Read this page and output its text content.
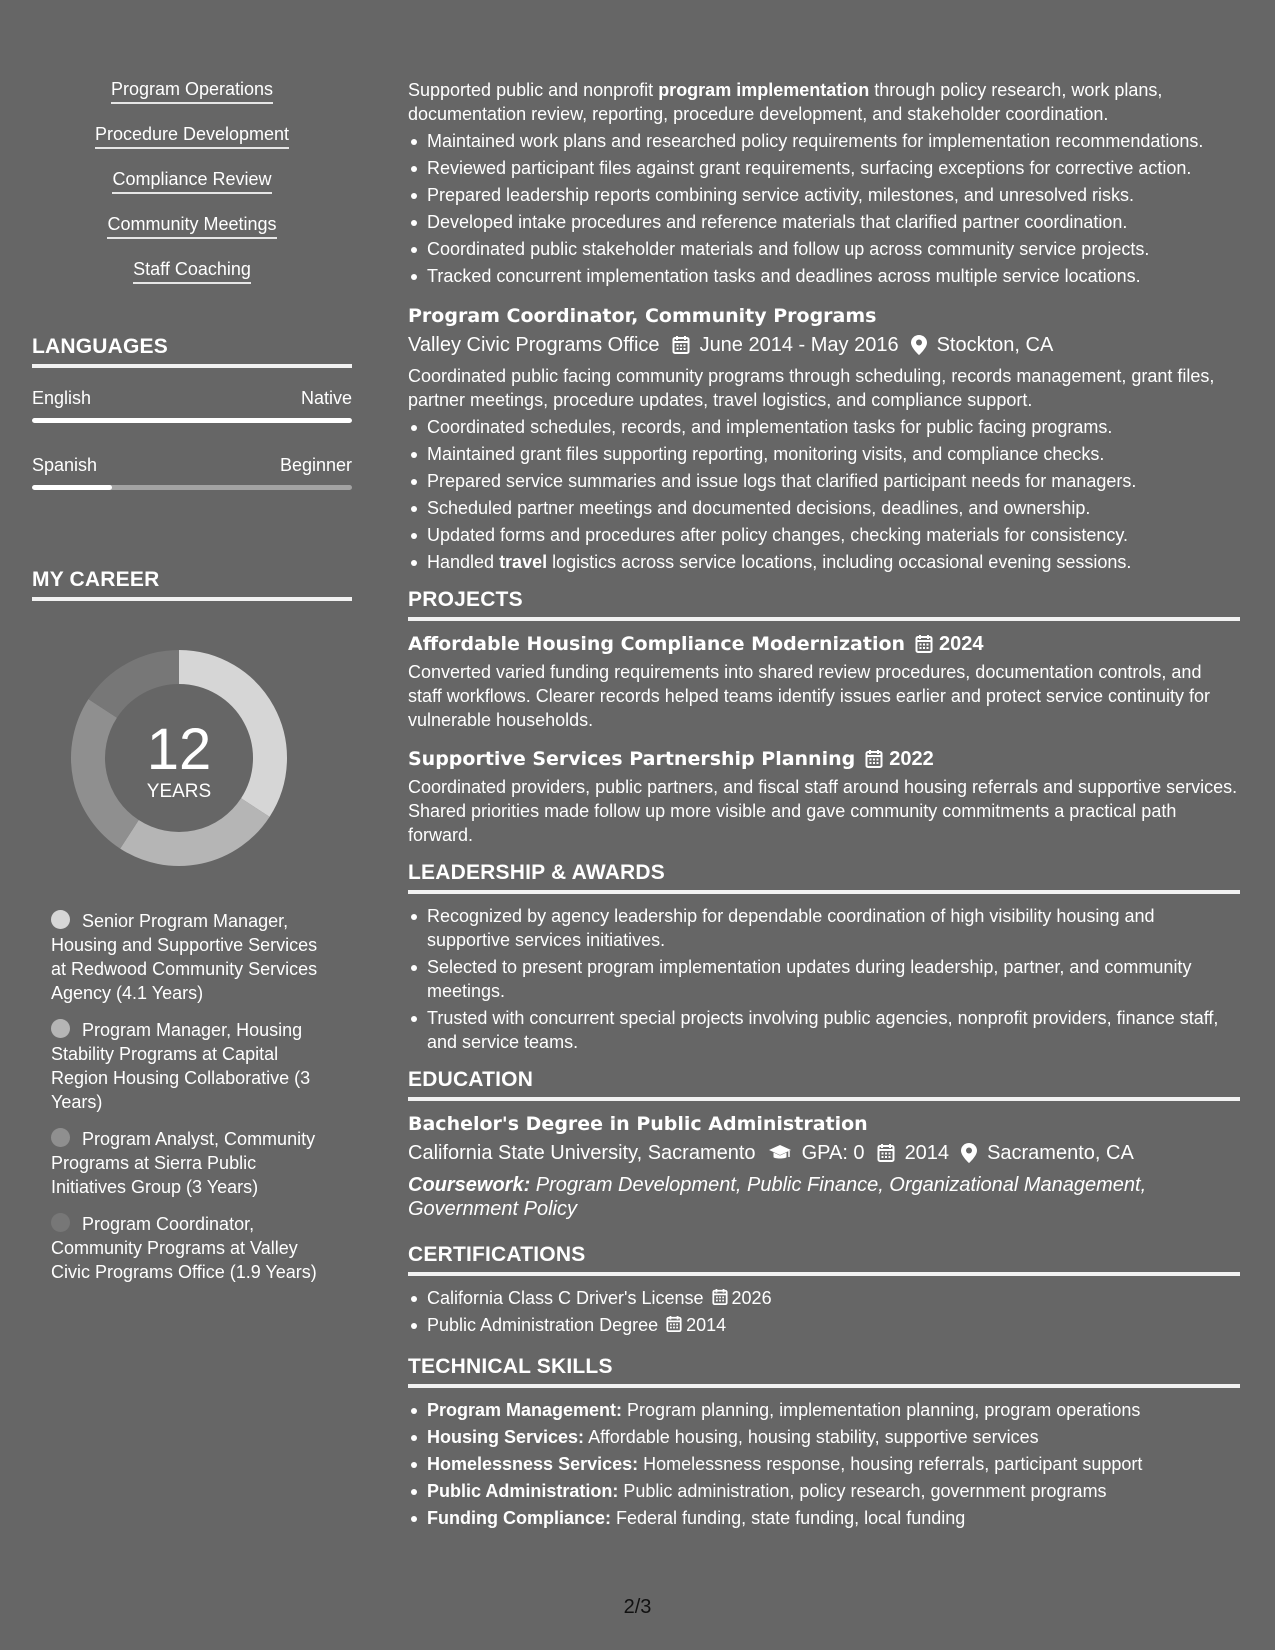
Program Operations
Procedure Development
Compliance Review
Community Meetings
Staff Coaching
LANGUAGES
English	Native
Spanish	Beginner
MY CAREER
12
YEARS
Senior Program Manager, Housing and Supportive Services at Redwood Community Services Agency (4.1 Years)
Program Manager, Housing Stability Programs at Capital Region Housing Collaborative (3 Years)
Program Analyst, Community Programs at Sierra Public Initiatives Group (3 Years)
Program Coordinator, Community Programs at Valley Civic Programs Office (1.9 Years)

Supported public and nonprofit program implementation through policy research, work plans, documentation review, reporting, procedure development, and stakeholder coordination.

Maintained work plans and researched policy requirements for implementation recommendations.
Reviewed participant files against grant requirements, surfacing exceptions for corrective action.
Prepared leadership reports combining service activity, milestones, and unresolved risks.
Developed intake procedures and reference materials that clarified partner coordination.
Coordinated public stakeholder materials and follow up across community service projects.
Tracked concurrent implementation tasks and deadlines across multiple service locations.
Program Coordinator, Community Programs
Valley Civic Programs Office June 2014 - May 2016 Stockton, CA

Coordinated public facing community programs through scheduling, records management, grant files, partner meetings, procedure updates, travel logistics, and compliance support.

Coordinated schedules, records, and implementation tasks for public facing programs.
Maintained grant files supporting reporting, monitoring visits, and compliance checks.
Prepared service summaries and issue logs that clarified participant needs for managers.
Scheduled partner meetings and documented decisions, deadlines, and ownership.
Updated forms and procedures after policy changes, checking materials for consistency.
Handled travel logistics across service locations, including occasional evening sessions.
PROJECTS
Affordable Housing Compliance Modernization 2024

Converted varied funding requirements into shared review procedures, documentation controls, and staff workflows. Clearer records helped teams identify issues earlier and protect service continuity for vulnerable households.

Supportive Services Partnership Planning 2022

Coordinated providers, public partners, and fiscal staff around housing referrals and supportive services. Shared priorities made follow up more visible and gave community commitments a practical path forward.

LEADERSHIP & AWARDS
Recognized by agency leadership for dependable coordination of high visibility housing and supportive services initiatives.
Selected to present program implementation updates during leadership, partner, and community meetings.
Trusted with concurrent special projects involving public agencies, nonprofit providers, finance staff, and service teams.
EDUCATION
Bachelor's Degree in Public Administration
California State University, Sacramento GPA: 0 2014 Sacramento, CA

Coursework: Program Development, Public Finance, Organizational Management, Government Policy

CERTIFICATIONS
California Class C Driver's License 2026
Public Administration Degree 2014
TECHNICAL SKILLS
Program Management: Program planning, implementation planning, program operations
Housing Services: Affordable housing, housing stability, supportive services
Homelessness Services: Homelessness response, housing referrals, participant support
Public Administration: Public administration, policy research, government programs
Funding Compliance: Federal funding, state funding, local funding
2/3
